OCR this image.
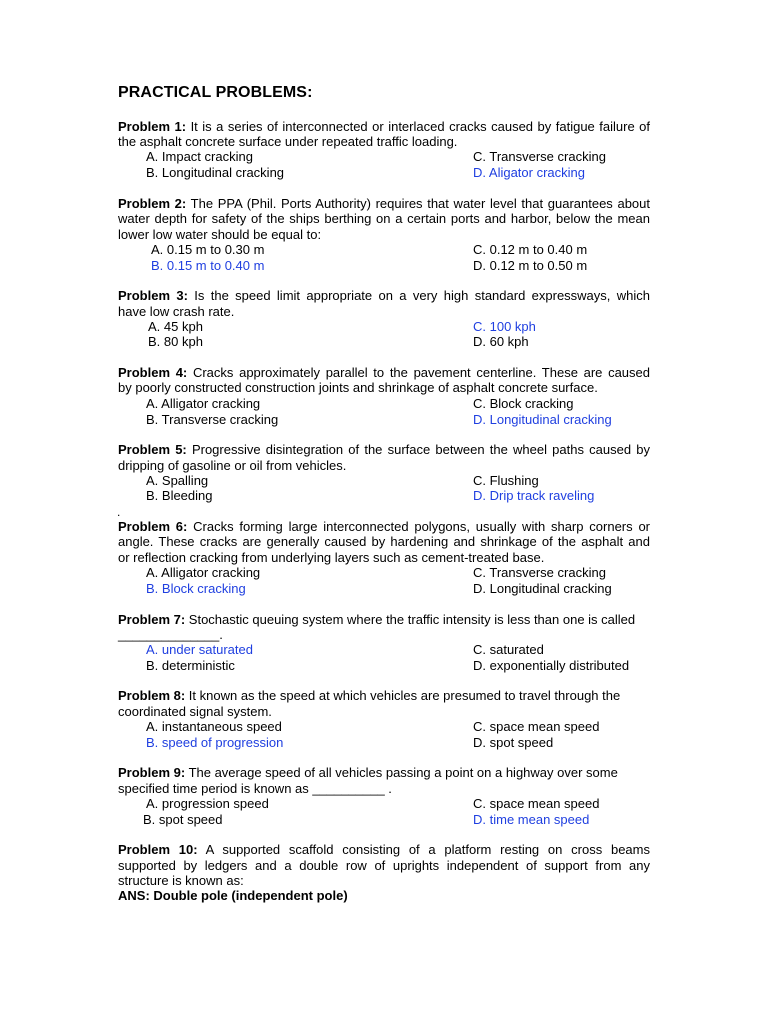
PRACTICAL PROBLEMS:
Problem 1: It is a series of interconnected or interlaced cracks caused by fatigue failure of
the asphalt concrete surface under repeated traffic loading.
A. Impact cracking
B. Longitudinal cracking
C. Transverse cracking
D. Aligator cracking
Problem 2: The PPA (Phil. Ports Authority) requires that water level that guarantees about
water depth for safety of the ships berthing on a certain ports and harbor, below the mean
lower low water should be equal to:
A. 0.15 m to 0.30 m
B. 0.15 m to 0.40 m
C. 0.12 m to 0.40 m
D. 0.12 m to 0.50 m
Problem 3: Is the speed limit appropriate on a very high standard expressways, which
have low crash rate.
A. 45 kph
B. 80 kph
C. 100 kph
D. 60 kph
Problem 4: Cracks approximately parallel to the pavement centerline. These are caused
by poorly constructed construction joints and shrinkage of asphalt concrete surface.
A. Alligator cracking
B. Transverse cracking
C. Block cracking
D. Longitudinal cracking
Problem 5: Progressive disintegration of the surface between the wheel paths caused by
dripping of gasoline or oil from vehicles.
A. Spalling
B. Bleeding
C. Flushing
D. Drip track raveling
.
Problem 6: Cracks forming large interconnected polygons, usually with sharp corners or
angle. These cracks are generally caused by hardening and shrinkage of the asphalt and
or reflection cracking from underlying layers such as cement-treated base.
A. Alligator cracking
B. Block cracking
C. Transverse cracking
D. Longitudinal cracking
Problem 7: Stochastic queuing system where the traffic intensity is less than one is called
______________.
A. under saturated
B. deterministic
C. saturated
D. exponentially distributed
Problem 8: It known as the speed at which vehicles are presumed to travel through the
coordinated signal system.
A. instantaneous speed
B. speed of progression
C. space mean speed
D. spot speed
Problem 9: The average speed of all vehicles passing a point on a highway over some
specified time period is known as __________ .
A. progression speed
B. spot speed
C. space mean speed
D. time mean speed
Problem 10: A supported scaffold consisting of a platform resting on cross beams
supported by ledgers and a double row of uprights independent of support from any
structure is known as:
ANS: Double pole (independent pole)
